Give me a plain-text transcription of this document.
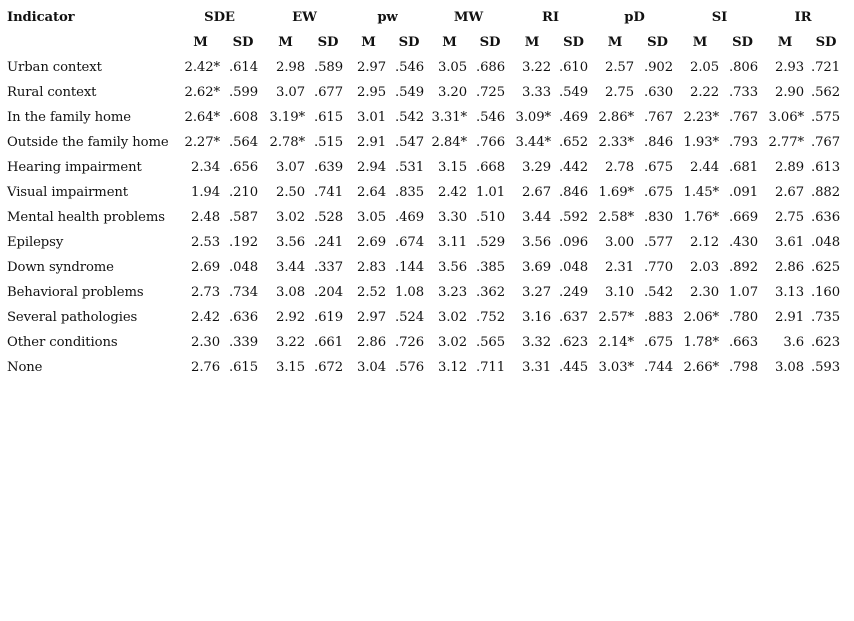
Indicator	SDE		EW		pw		MW		RI		pD		SI		IR	
	M	SD	M	SD	M	SD	M	SD	M	SD	M	SD	M	SD	M	SD
Urban context	2.42*	.614	2.98	.589	2.97	.546	3.05	.686	3.22	.610	2.57	.902	2.05	.806	2.93	.721
Rural context	2.62*	.599	3.07	.677	2.95	.549	3.20	.725	3.33	.549	2.75	.630	2.22	.733	2.90	.562
In the family home	2.64*	.608	3.19*	.615	3.01	.542	3.31*	.546	3.09*	.469	2.86*	.767	2.23*	.767	3.06*	.575
Outside the family home	2.27*	.564	2.78*	.515	2.91	.547	2.84*	.766	3.44*	.652	2.33*	.846	1.93*	.793	2.77*	.767
Hearing impairment	2.34	.656	3.07	.639	2.94	.531	3.15	.668	3.29	.442	2.78	.675	2.44	.681	2.89	.613
Visual impairment	1.94	.210	2.50	.741	2.64	.835	2.42	1.01	2.67	.846	1.69*	.675	1.45*	.091	2.67	.882
Mental health problems	2.48	.587	3.02	.528	3.05	.469	3.30	.510	3.44	.592	2.58*	.830	1.76*	.669	2.75	.636
Epilepsy	2.53	.192	3.56	.241	2.69	.674	3.11	.529	3.56	.096	3.00	.577	2.12	.430	3.61	.048
Down syndrome	2.69	.048	3.44	.337	2.83	.144	3.56	.385	3.69	.048	2.31	.770	2.03	.892	2.86	.625
Behavioral problems	2.73	.734	3.08	.204	2.52	1.08	3.23	.362	3.27	.249	3.10	.542	2.30	1.07	3.13	.160
Several pathologies	2.42	.636	2.92	.619	2.97	.524	3.02	.752	3.16	.637	2.57*	.883	2.06*	.780	2.91	.735
Other conditions	2.30	.339	3.22	.661	2.86	.726	3.02	.565	3.32	.623	2.14*	.675	1.78*	.663	3.6	.623
None	2.76	.615	3.15	.672	3.04	.576	3.12	.711	3.31	.445	3.03*	.744	2.66*	.798	3.08	.593
